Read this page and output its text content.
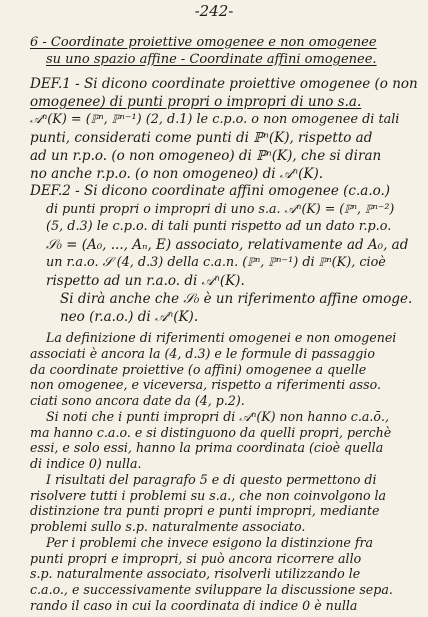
-242-
6 - Coordinate proiettive omogenee e non omogenee
su uno spazio affine - Coordinate affini omogenee.
DEF.1 - Si dicono coordinate proiettive omogenee (o non
omogenee) di punti propri o impropri di uno s.a.
𝒜ⁿ(K) = (ℙⁿ, ℙⁿ⁻¹) (2, d.1) le c.p.o. o non omogenee di tali
punti, considerati come punti di ℙⁿ(K), rispetto ad
ad un r.p.o. (o non omogeneo) di ℙⁿ(K), che si diran
no anche r.p.o. (o non omogeneo) di 𝒜ⁿ(K).
DEF.2 - Si dicono coordinate affini omogenee (c.a.o.)
di punti propri o impropri di uno s.a. 𝒜ⁿ(K) = (ℙⁿ, ℙⁿ⁻²)
(5, d.3) le c.p.o. di tali punti rispetto ad un dato r.p.o.
𝒮₀ = (A₀, ..., Aₙ, E) associato, relativamente ad A₀, ad
un r.a.o. 𝒮 (4, d.3) della c.a.n. (ℙⁿ, ℙⁿ⁻¹) di ℙⁿ(K), cioè
rispetto ad un r.a.o. di 𝒜ⁿ(K).
Si dirà anche che 𝒮₀ è un riferimento affine omoge.
neo (r.a.o.) di 𝒜ⁿ(K).
La definizione di riferimenti omogenei e non omogenei
associati è ancora la (4, d.3) e le formule di passaggio
da coordinate proiettive (o affini) omogenee a quelle
non omogenee, e viceversa, rispetto a riferimenti asso.
ciati sono ancora date da (4, p.2).
Si noti che i punti impropri di 𝒜ⁿ(K) non hanno c.a.ō.,
ma hanno c.a.o. e si distinguono da quelli propri, perchè
essi, e solo essi, hanno la prima coordinata (cioè quella
di indice 0) nulla.
I risultati del paragrafo 5 e di questo permettono di
risolvere tutti i problemi su s.a., che non coinvolgono la
distinzione tra punti propri e punti impropri, mediante
problemi sullo s.p. naturalmente associato.
Per i problemi che invece esigono la distinzione fra
punti propri e impropri, si può ancora ricorrere allo
s.p. naturalmente associato, risolverli utilizzando le
c.a.o., e successivamente sviluppare la discussione sepa.
rando il caso in cui la coordinata di indice 0 è nulla
